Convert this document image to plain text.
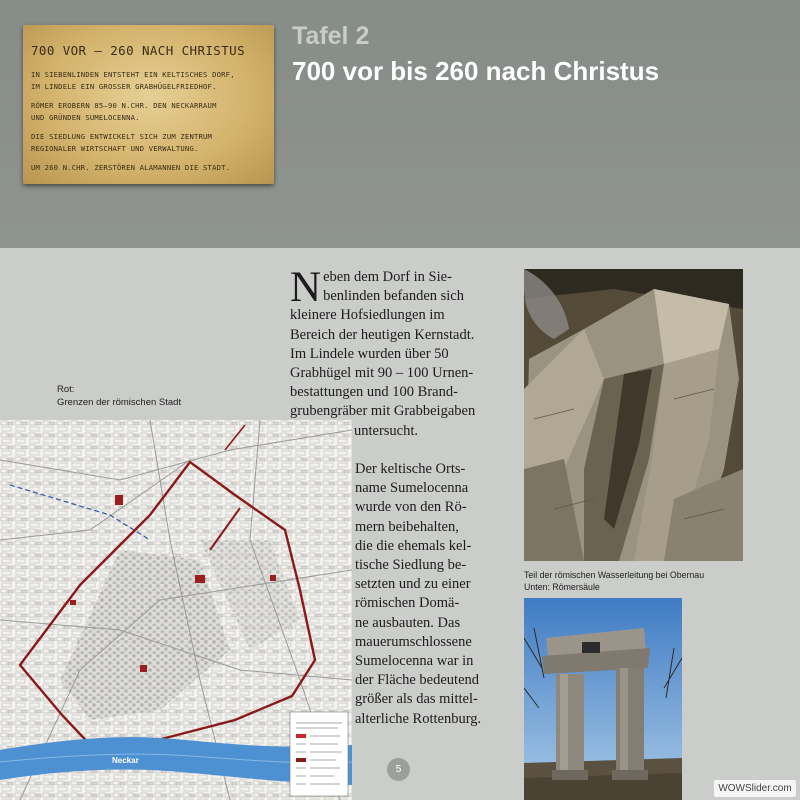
700 VOR – 260 NACH CHRISTUS
IN SIEBENLINDEN ENTSTEHT EIN KELTISCHES DORF,
IM LINDELE EIN GROSSER GRABHÜGELFRIEDHOF.
RÖMER EROBERN 85–90 N.CHR. DEN NECKARRAUM
UND GRÜNDEN SUMELOCENNA.
DIE SIEDLUNG ENTWICKELT SICH ZUM ZENTRUM
REGIONALER WIRTSCHAFT UND VERWALTUNG.
UM 260 N.CHR. ZERSTÖREN ALAMANNEN DIE STADT.
Tafel 2
700 vor bis 260 nach Christus
Rot:
Grenzen der römischen Stadt
Neckar
N eben dem Dorf in Sie-
benlinden befanden sich
kleinere Hofsiedlungen im
Bereich der heutigen Kernstadt.
Im Lindele wurden über 50
Grabhügel mit 90 – 100 Urnen-
bestattungen und 100 Brand-
grubengräber mit Grabbeigaben
untersucht.
Der keltische Orts-
name Sumelocenna
wurde von den Rö-
mern beibehalten,
die die ehemals kel-
tische Siedlung be-
setzten und zu einer
römischen Domä-
ne ausbauten. Das
mauerumschlossene
Sumelocenna war in
der Fläche bedeutend
größer als das mittel-
alterliche Rottenburg.
Teil der römischen Wasserleitung bei Obernau
Unten: Römersäule
5
WOWSlider.com
